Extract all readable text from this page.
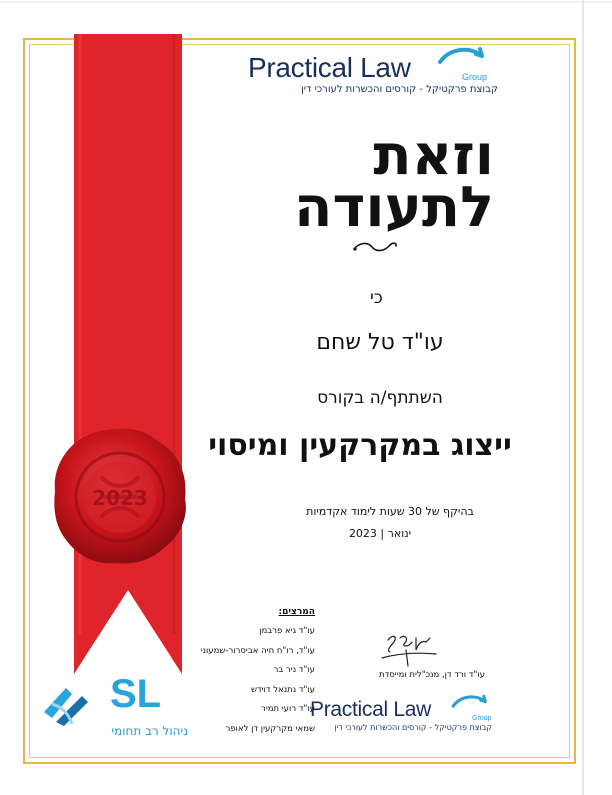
2023
Practical Law	Group
קבוצת פרקטיקל - קורסים והכשרות לעורכי דין
וזאת
לתעודה
כי
עו"ד טל שחם
השתתף/ה בקורס
ייצוג במקרקעין ומיסוי
בהיקף של 30 שעות לימוד אקדמיות
ינואר | 2023
המרצים:
עו"ד גיא פרבמן
עו"ד, רו"ח חיה אביסרור-שמעוני
עו"ד ניר בר
עו"ד נתנאל דוידש
עו"ד רועי תמיר
שמאי מקרקעין דן לאופר
עו"ד ורד דן, מנכ"לית ומייסדת
Practical Law	Group
קבוצת פרקטיקל - קורסים והכשרות לעורכי דין
SL
ניהול רב תחומי
